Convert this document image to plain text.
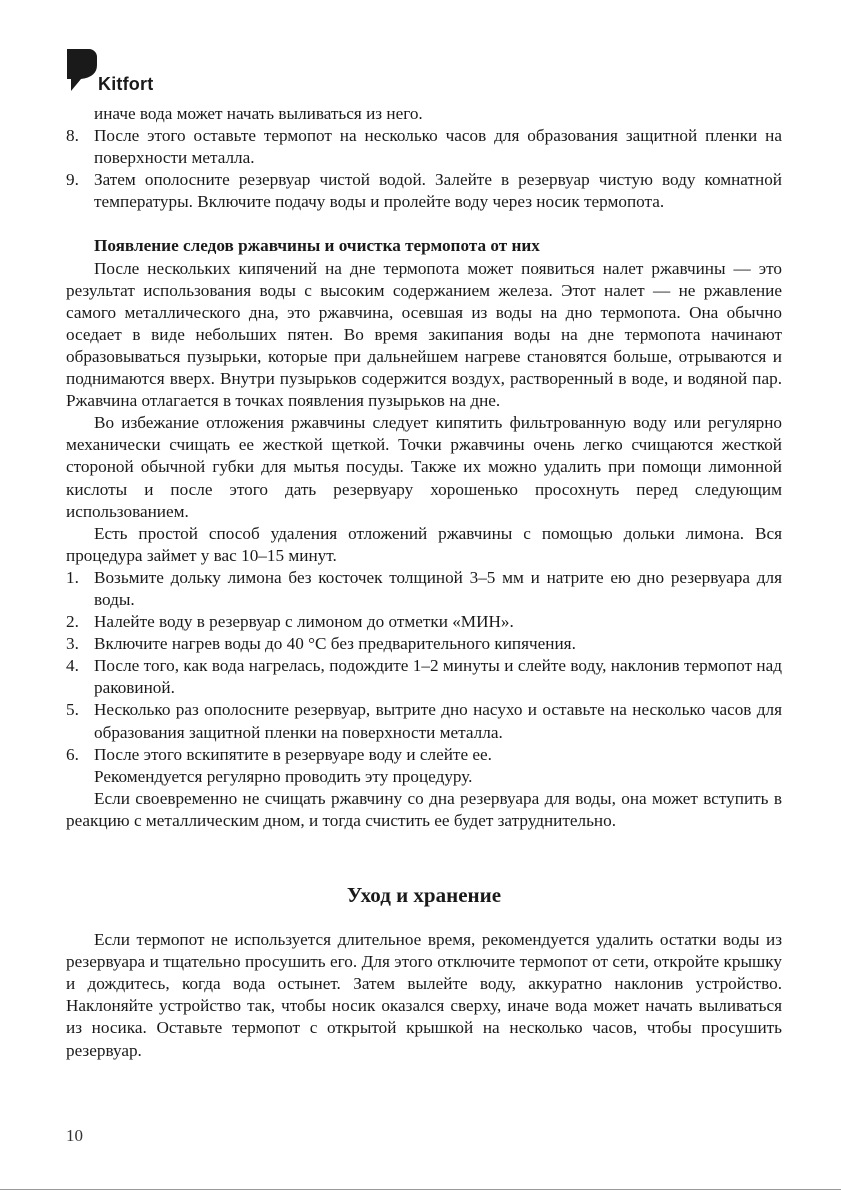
Kitfort

иначе вода может начать выливаться из него.

8. После этого оставьте термопот на несколько часов для образования защитной пленки на поверхности металла.
9. Затем ополосните резервуар чистой водой. Залейте в резервуар чистую воду комнатной температуры. Включите подачу воды и пролейте воду через носик термопота.

Появление следов ржавчины и очистка термопота от них

После нескольких кипячений на дне термопота может появиться налет ржавчины — это результат использования воды с высоким содержанием железа. Этот налет — не ржавление самого металлического дна, это ржавчина, осевшая из воды на дно термопота. Она обычно оседает в виде небольших пятен. Во время закипания воды на дне термопота начинают образовываться пузырьки, которые при дальнейшем нагреве становятся больше, отрываются и поднимаются вверх. Внутри пузырьков содержится воздух, растворенный в воде, и водяной пар. Ржавчина отлагается в точках появления пузырьков на дне.

Во избежание отложения ржавчины следует кипятить фильтрованную воду или регулярно механически счищать ее жесткой щеткой. Точки ржавчины очень легко счищаются жесткой стороной обычной губки для мытья посуды. Также их можно удалить при помощи лимонной кислоты и после этого дать резервуару хорошенько просохнуть перед следующим использованием.

Есть простой способ удаления отложений ржавчины с помощью дольки лимона. Вся процедура займет у вас 10–15 минут.

1. Возьмите дольку лимона без косточек толщиной 3–5 мм и натрите ею дно резервуара для воды.
2. Налейте воду в резервуар с лимоном до отметки «МИН».
3. Включите нагрев воды до 40 °С без предварительного кипячения.
4. После того, как вода нагрелась, подождите 1–2 минуты и слейте воду, наклонив термопот над раковиной.
5. Несколько раз ополосните резервуар, вытрите дно насухо и оставьте на несколько часов для образования защитной пленки на поверхности металла.
6. После этого вскипятите в резервуаре воду и слейте ее.

Рекомендуется регулярно проводить эту процедуру.

Если своевременно не счищать ржавчину со дна резервуара для воды, она может вступить в реакцию с металлическим дном, и тогда счистить ее будет затруднительно.

Уход и хранение

Если термопот не используется длительное время, рекомендуется удалить остатки воды из резервуара и тщательно просушить его. Для этого отключите термопот от сети, откройте крышку и дождитесь, когда вода остынет. Затем вылейте воду, аккуратно наклонив устройство. Наклоняйте устройство так, чтобы носик оказался сверху, иначе вода может начать выливаться из носика. Оставьте термопот с открытой крышкой на несколько часов, чтобы просушить резервуар.

10
